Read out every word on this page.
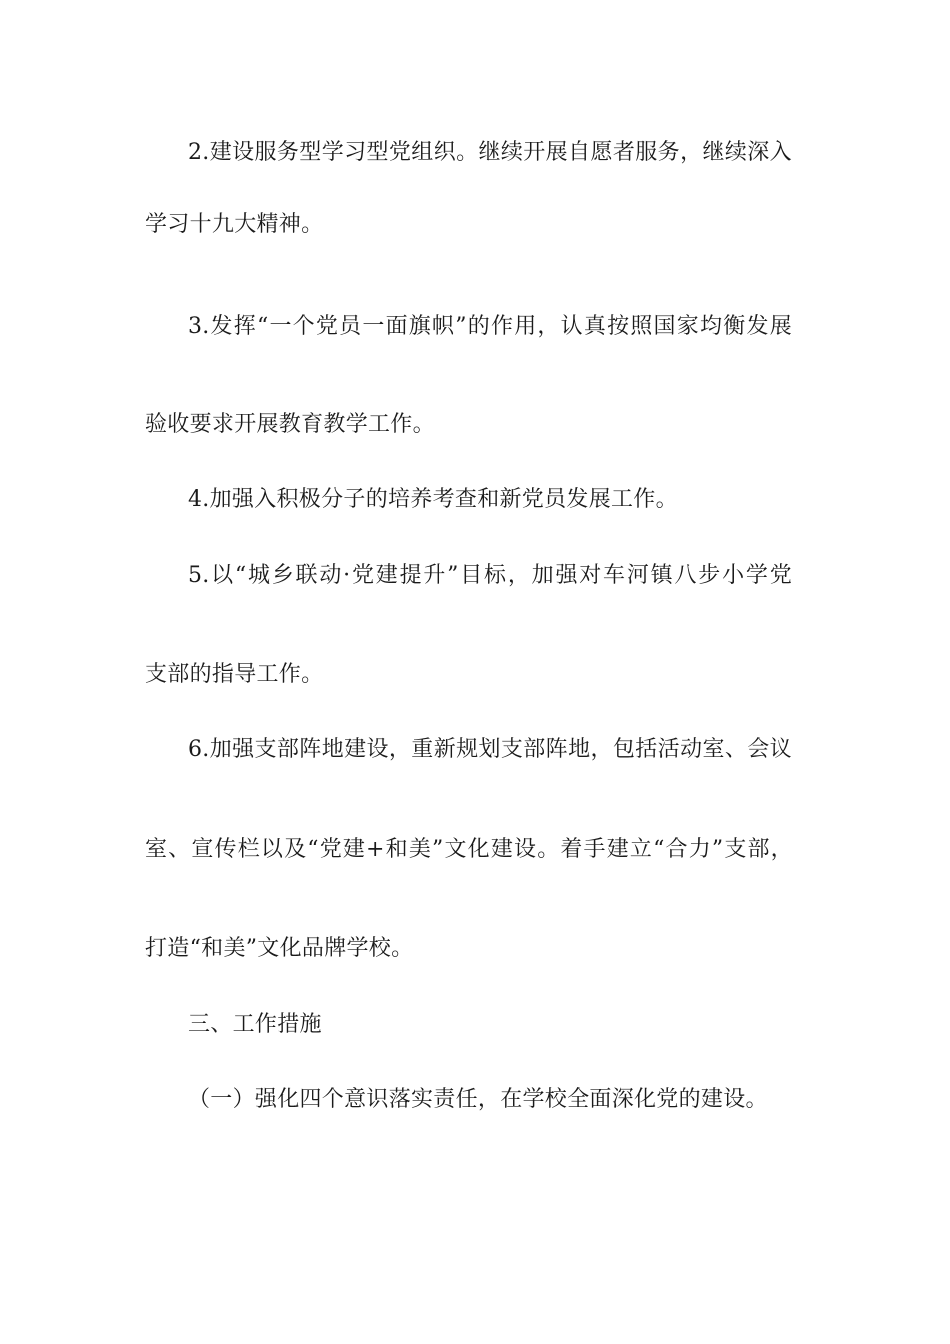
2.建设服务型学习型党组织。继续开展自愿者服务，继续深入
学习十九大精神。
3.发挥“一个党员一面旗帜”的作用，认真按照国家均衡发展
验收要求开展教育教学工作。
4.加强入积极分子的培养考查和新党员发展工作。
5.以“城乡联动·党建提升”目标，加强对车河镇八步小学党
支部的指导工作。
6.加强支部阵地建设，重新规划支部阵地，包括活动室、会议
室、宣传栏以及“党建+和美”文化建设。着手建立“合力”支部，
打造“和美”文化品牌学校。
三、工作措施
（一）强化四个意识落实责任，在学校全面深化党的建设。
